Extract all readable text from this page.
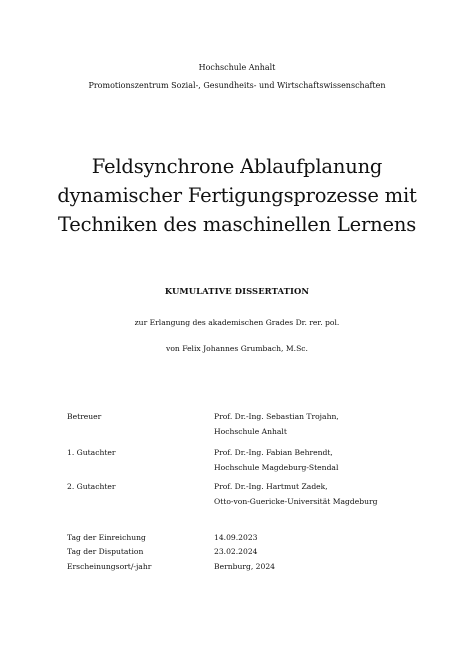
Hochschule Anhalt
Promotionszentrum Sozial-, Gesundheits- und Wirtschaftswissenschaften
Feldsynchrone Ablaufplanung
dynamischer Fertigungsprozesse mit
Techniken des maschinellen Lernens
KUMULATIVE DISSERTATION
zur Erlangung des akademischen Grades Dr. rer. pol.
von Felix Johannes Grumbach, M.Sc.
Betreuer	Prof. Dr.-Ing. Sebastian Trojahn,
Hochschule Anhalt
1. Gutachter	Prof. Dr.-Ing. Fabian Behrendt,
Hochschule Magdeburg-Stendal
2. Gutachter	Prof. Dr.-Ing. Hartmut Zadek,
Otto-von-Guericke-Universität Magdeburg
Tag der Einreichung	14.09.2023
Tag der Disputation	23.02.2024
Erscheinungsort/-jahr	Bernburg, 2024
